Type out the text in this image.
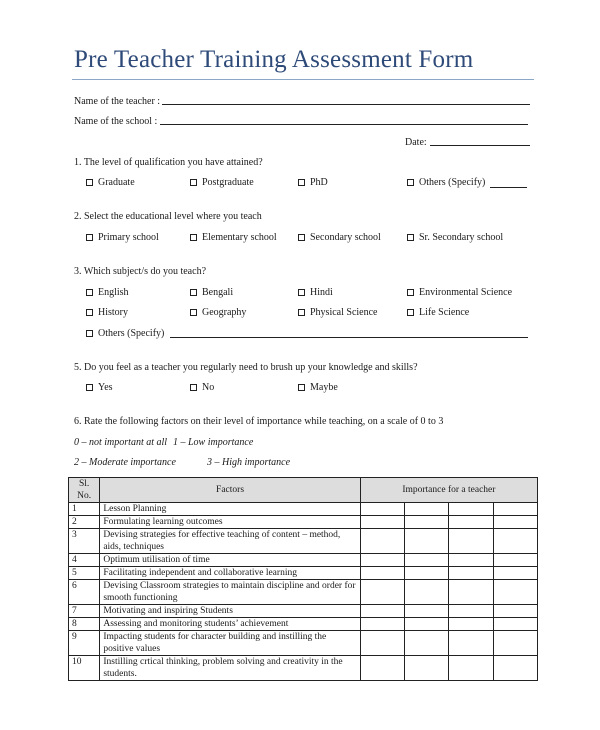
Pre Teacher Training Assessment Form
Name of the teacher :
Name of the school :
Date:
1. The level of qualification you have attained?
Graduate	Postgraduate	PhD	Others (Specify)
2. Select the educational level where you teach
Primary school	Elementary school	Secondary school	Sr. Secondary school
3. Which subject/s do you teach?
English	Bengali	Hindi	Environmental Science
History	Geography	Physical Science	Life Science
Others (Specify)
5. Do you feel as a teacher you regularly need to brush up your knowledge and skills?
Yes	No	Maybe
6. Rate the following factors on their level of importance while teaching, on a scale of 0 to 3
0 – not important at all 1 – Low importance
2 – Moderate importance	3 – High importance
Sl. No.	Factors	Importance for a teacher			
1	Lesson Planning				
2	Formulating learning outcomes				
3	Devising strategies for effective teaching of content – method, aids, techniques				
4	Optimum utilisation of time				
5	Facilitating independent and collaborative learning				
6	Devising Classroom strategies to maintain discipline and order for smooth functioning				
7	Motivating and inspiring Students				
8	Assessing and monitoring students’ achievement				
9	Impacting students for character building and instilling the positive values				
10	Instilling crtical thinking, problem solving and creativity in the students.				
